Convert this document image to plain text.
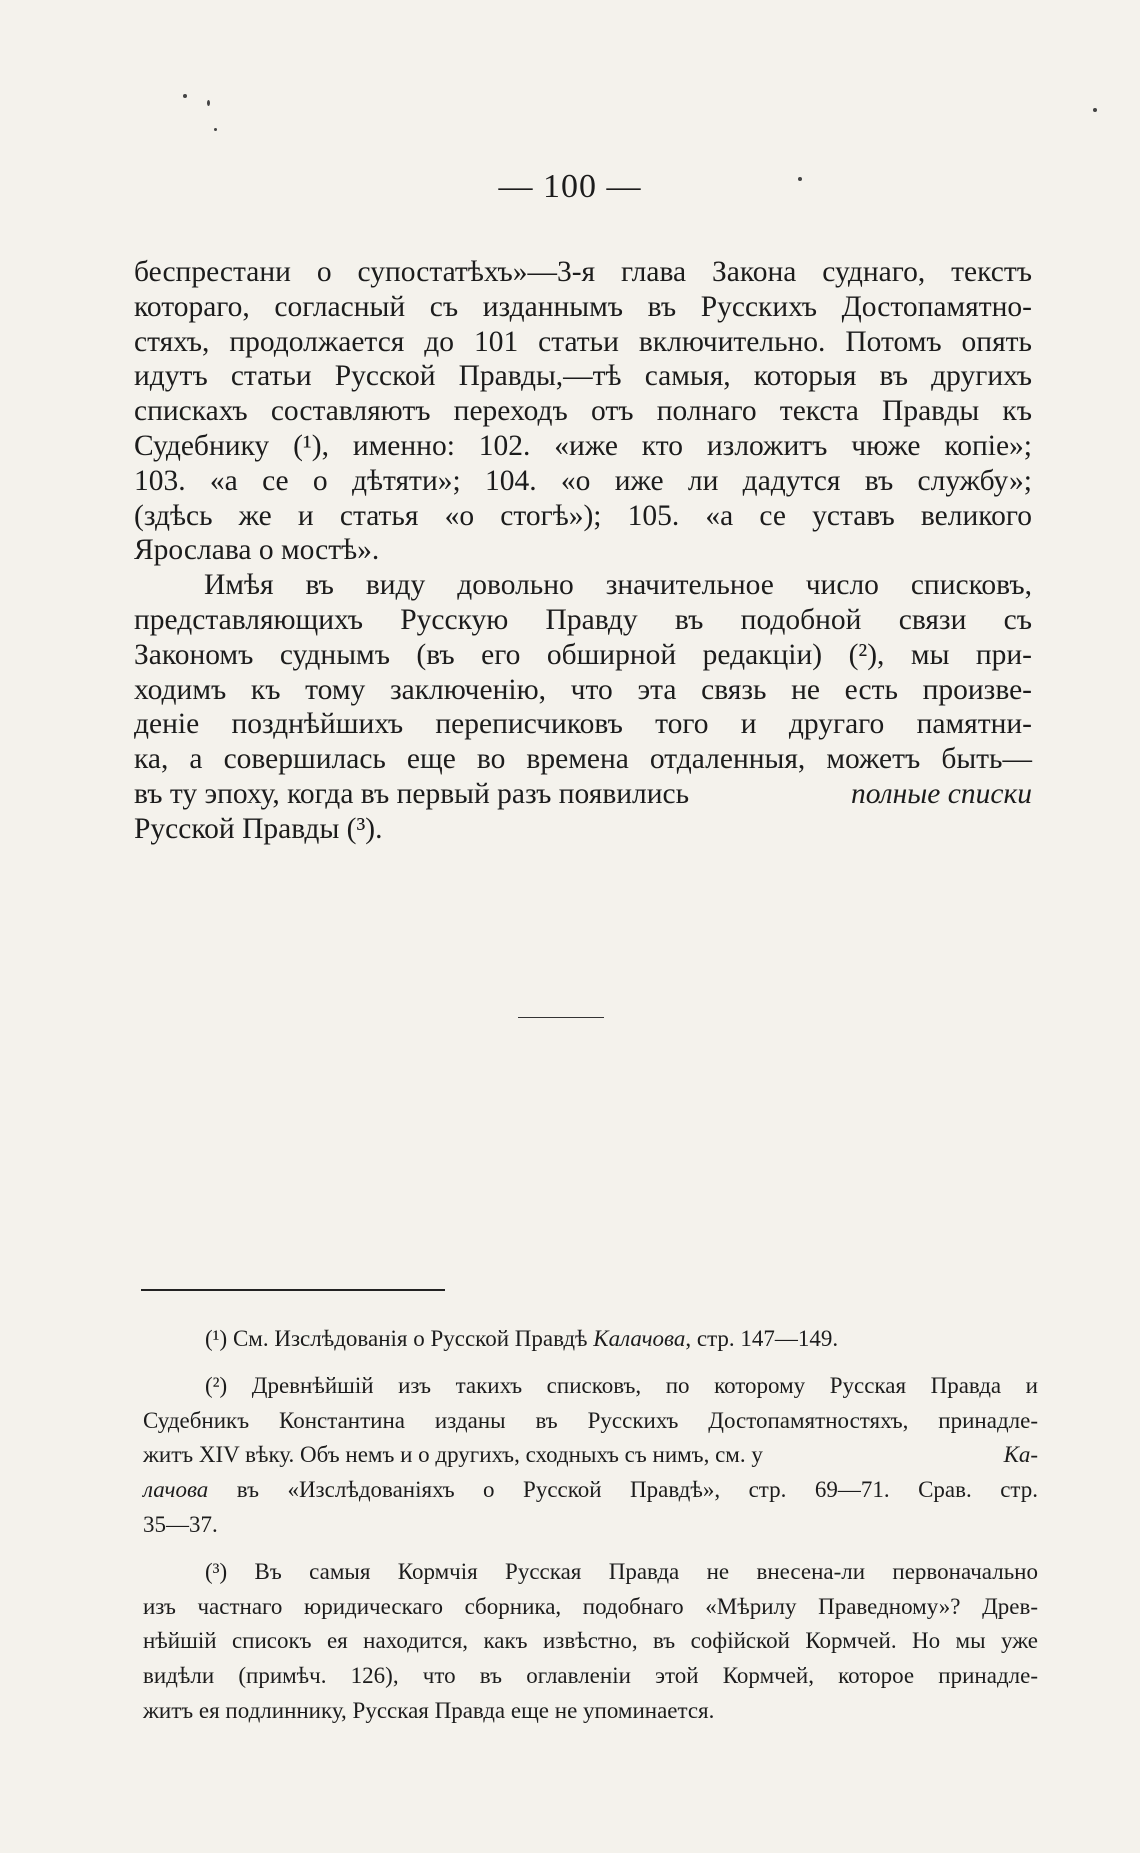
— 100 —
беспрестани о супостатѣхъ»—3-я глава Закона суднаго, текстъ
котораго, согласный съ изданнымъ въ Русскихъ Достопамятно-
стяхъ, продолжается до 101 статьи включительно. Потомъ опять
идутъ статьи Русской Правды,—тѣ самыя, которыя въ другихъ
спискахъ составляютъ переходъ отъ полнаго текста Правды къ
Судебнику (¹), именно: 102. «иже кто изложитъ чюже копіе»;
103. «а се о дѣтяти»; 104. «о иже ли дадутся въ службу»;
(здѣсь же и статья «о стогѣ»); 105. «а се уставъ великого
Ярослава о мостѣ».
Имѣя въ виду довольно значительное число списковъ,
представляющихъ Русскую Правду въ подобной связи съ
Закономъ суднымъ (въ его обширной редакціи) (²), мы при-
ходимъ къ тому заключенію, что эта связь не есть произве-
деніе позднѣйшихъ переписчиковъ того и другаго памятни-
ка, а совершилась еще во времена отдаленныя, можетъ быть—
въ ту эпоху, когда въ первый разъ появились	полные списки
Русской Правды (³).
(¹) См. Изслѣдованія о Русской Правдѣ Калачова, стр. 147—149.
(²) Древнѣйшій изъ такихъ списковъ, по которому Русская Правда и
Судебникъ Константина изданы въ Русскихъ Достопамятностяхъ, принадле-
житъ XIV вѣку. Объ немъ и о другихъ, сходныхъ съ нимъ, см. у	Ка-
лачова въ «Изслѣдованіяхъ о Русской Правдѣ», стр. 69—71. Срав. стр.
35—37.
(³) Въ самыя Кормчія Русская Правда не внесена-ли первоначально
изъ частнаго юридическаго сборника, подобнаго «Мѣрилу Праведному»? Древ-
нѣйшій списокъ ея находится, какъ извѣстно, въ софійской Кормчей. Но мы уже
видѣли (примѣч. 126), что въ оглавленіи этой Кормчей, которое принадле-
житъ ея подлиннику, Русская Правда еще не упоминается.
